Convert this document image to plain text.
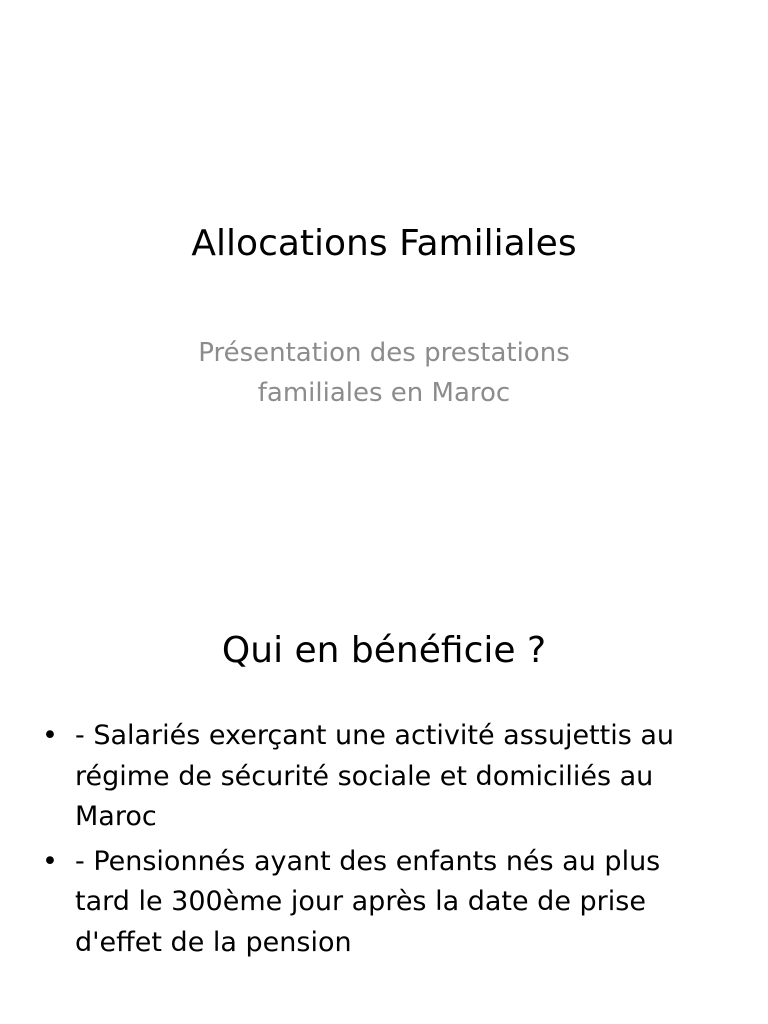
Allocations Familiales
Présentation des prestations
familiales en Maroc
Qui en bénéficie ?
• - Salariés exerçant une activité assujettis au
régime de sécurité sociale et domiciliés au
Maroc
• - Pensionnés ayant des enfants nés au plus
tard le 300ème jour après la date de prise
d'effet de la pension
